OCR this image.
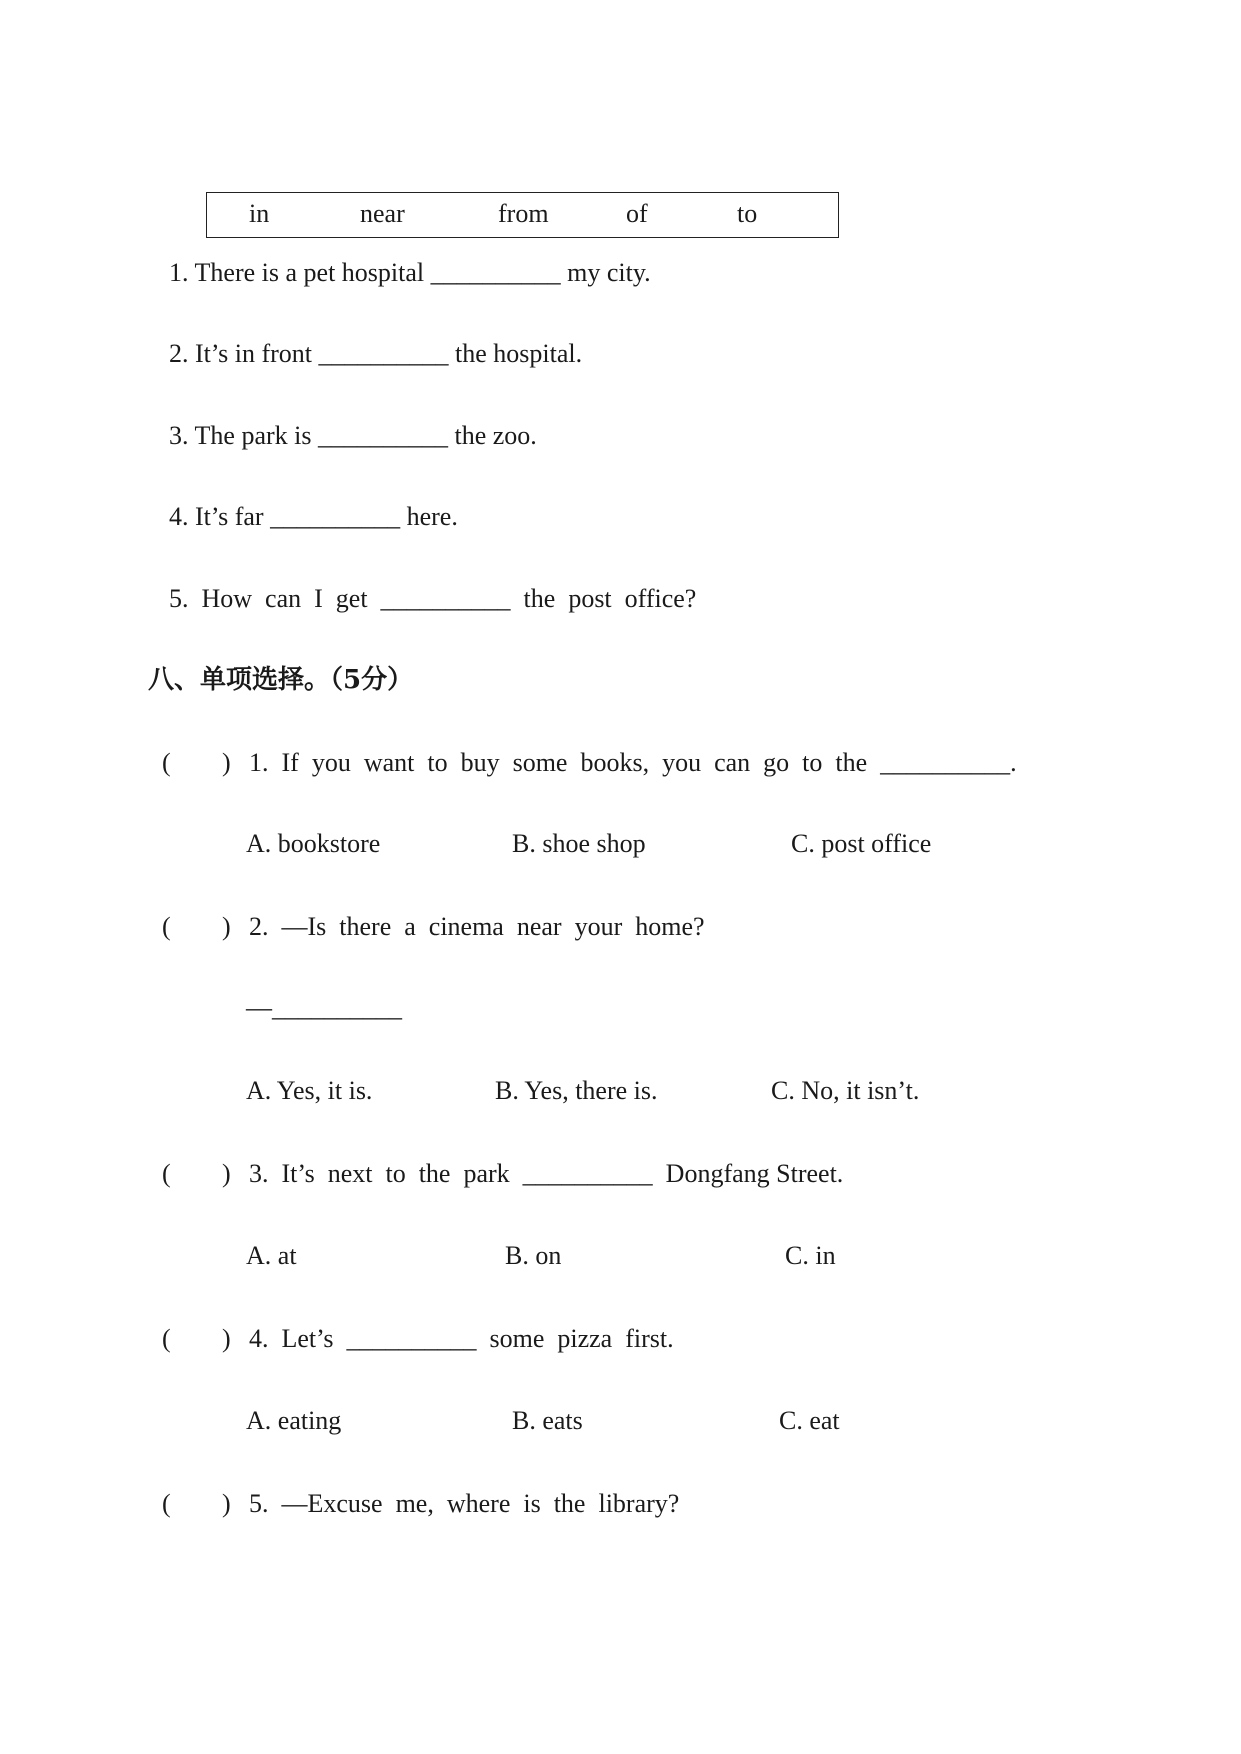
in	near	from	of	to
1. There is a pet hospital __________ my city.
2. It’s in front __________ the hospital.
3. The park is __________ the zoo.
4. It’s far __________ here.
5.  How  can  I  get  __________  the  post  office?
八、单项选择。（5分）
( ) 1.  If  you  want  to  buy  some  books,  you  can  go  to  the  __________.
A. bookstore	B. shoe shop	C. post office
( ) 2.  —Is  there  a  cinema  near  your  home?
—__________
A. Yes, it is.	B. Yes, there is.	C. No, it isn’t.
( ) 3.  It’s  next  to  the  park  __________  Dongfang Street.
A. at	B. on	C. in
( ) 4.  Let’s  __________  some  pizza  first.
A. eating	B. eats	C. eat
( ) 5.  —Excuse  me,  where  is  the  library?
